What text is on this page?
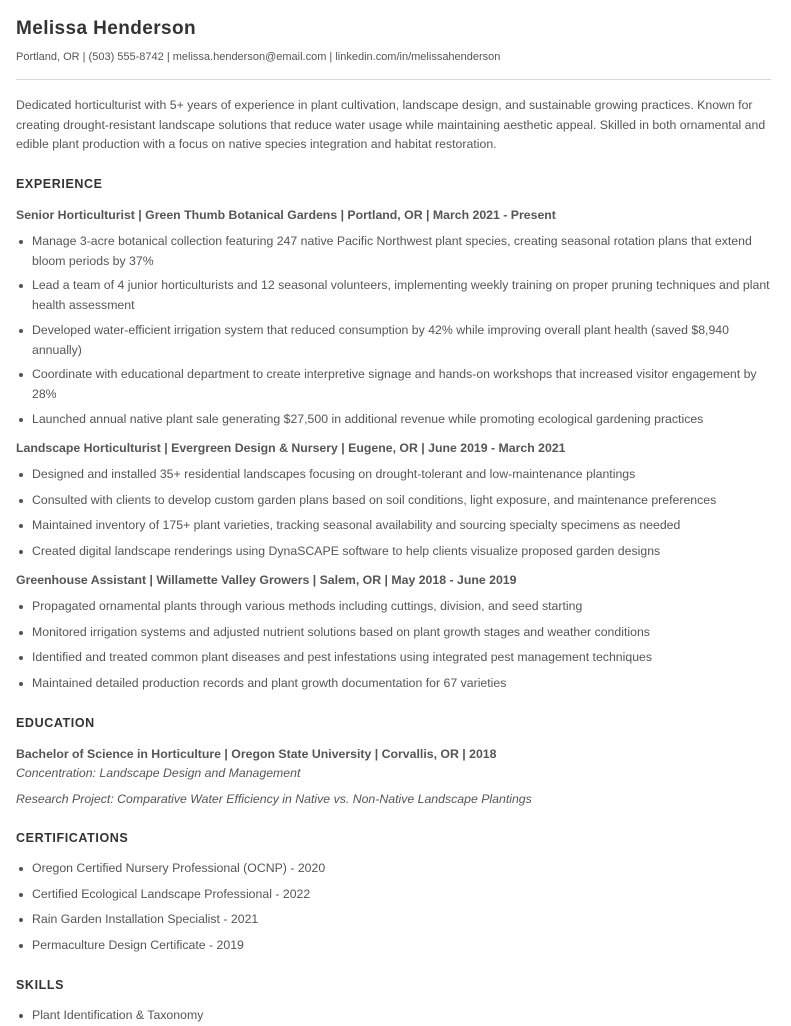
Melissa Henderson
Portland, OR | (503) 555-8742 | melissa.henderson@email.com | linkedin.com/in/melissahenderson

Dedicated horticulturist with 5+ years of experience in plant cultivation, landscape design, and sustainable growing practices. Known for creating drought-resistant landscape solutions that reduce water usage while maintaining aesthetic appeal. Skilled in both ornamental and edible plant production with a focus on native species integration and habitat restoration.

EXPERIENCE
Senior Horticulturist | Green Thumb Botanical Gardens | Portland, OR | March 2021 - Present
Manage 3-acre botanical collection featuring 247 native Pacific Northwest plant species, creating seasonal rotation plans that extend bloom periods by 37%
Lead a team of 4 junior horticulturists and 12 seasonal volunteers, implementing weekly training on proper pruning techniques and plant health assessment
Developed water-efficient irrigation system that reduced consumption by 42% while improving overall plant health (saved $8,940 annually)
Coordinate with educational department to create interpretive signage and hands-on workshops that increased visitor engagement by 28%
Launched annual native plant sale generating $27,500 in additional revenue while promoting ecological gardening practices
Landscape Horticulturist | Evergreen Design & Nursery | Eugene, OR | June 2019 - March 2021
Designed and installed 35+ residential landscapes focusing on drought-tolerant and low-maintenance plantings
Consulted with clients to develop custom garden plans based on soil conditions, light exposure, and maintenance preferences
Maintained inventory of 175+ plant varieties, tracking seasonal availability and sourcing specialty specimens as needed
Created digital landscape renderings using DynaSCAPE software to help clients visualize proposed garden designs
Greenhouse Assistant | Willamette Valley Growers | Salem, OR | May 2018 - June 2019
Propagated ornamental plants through various methods including cuttings, division, and seed starting
Monitored irrigation systems and adjusted nutrient solutions based on plant growth stages and weather conditions
Identified and treated common plant diseases and pest infestations using integrated pest management techniques
Maintained detailed production records and plant growth documentation for 67 varieties
EDUCATION
Bachelor of Science in Horticulture | Oregon State University | Corvallis, OR | 2018

Concentration: Landscape Design and Management

Research Project: Comparative Water Efficiency in Native vs. Non-Native Landscape Plantings

CERTIFICATIONS
Oregon Certified Nursery Professional (OCNP) - 2020
Certified Ecological Landscape Professional - 2022
Rain Garden Installation Specialist - 2021
Permaculture Design Certificate - 2019
SKILLS
Plant Identification & Taxonomy
